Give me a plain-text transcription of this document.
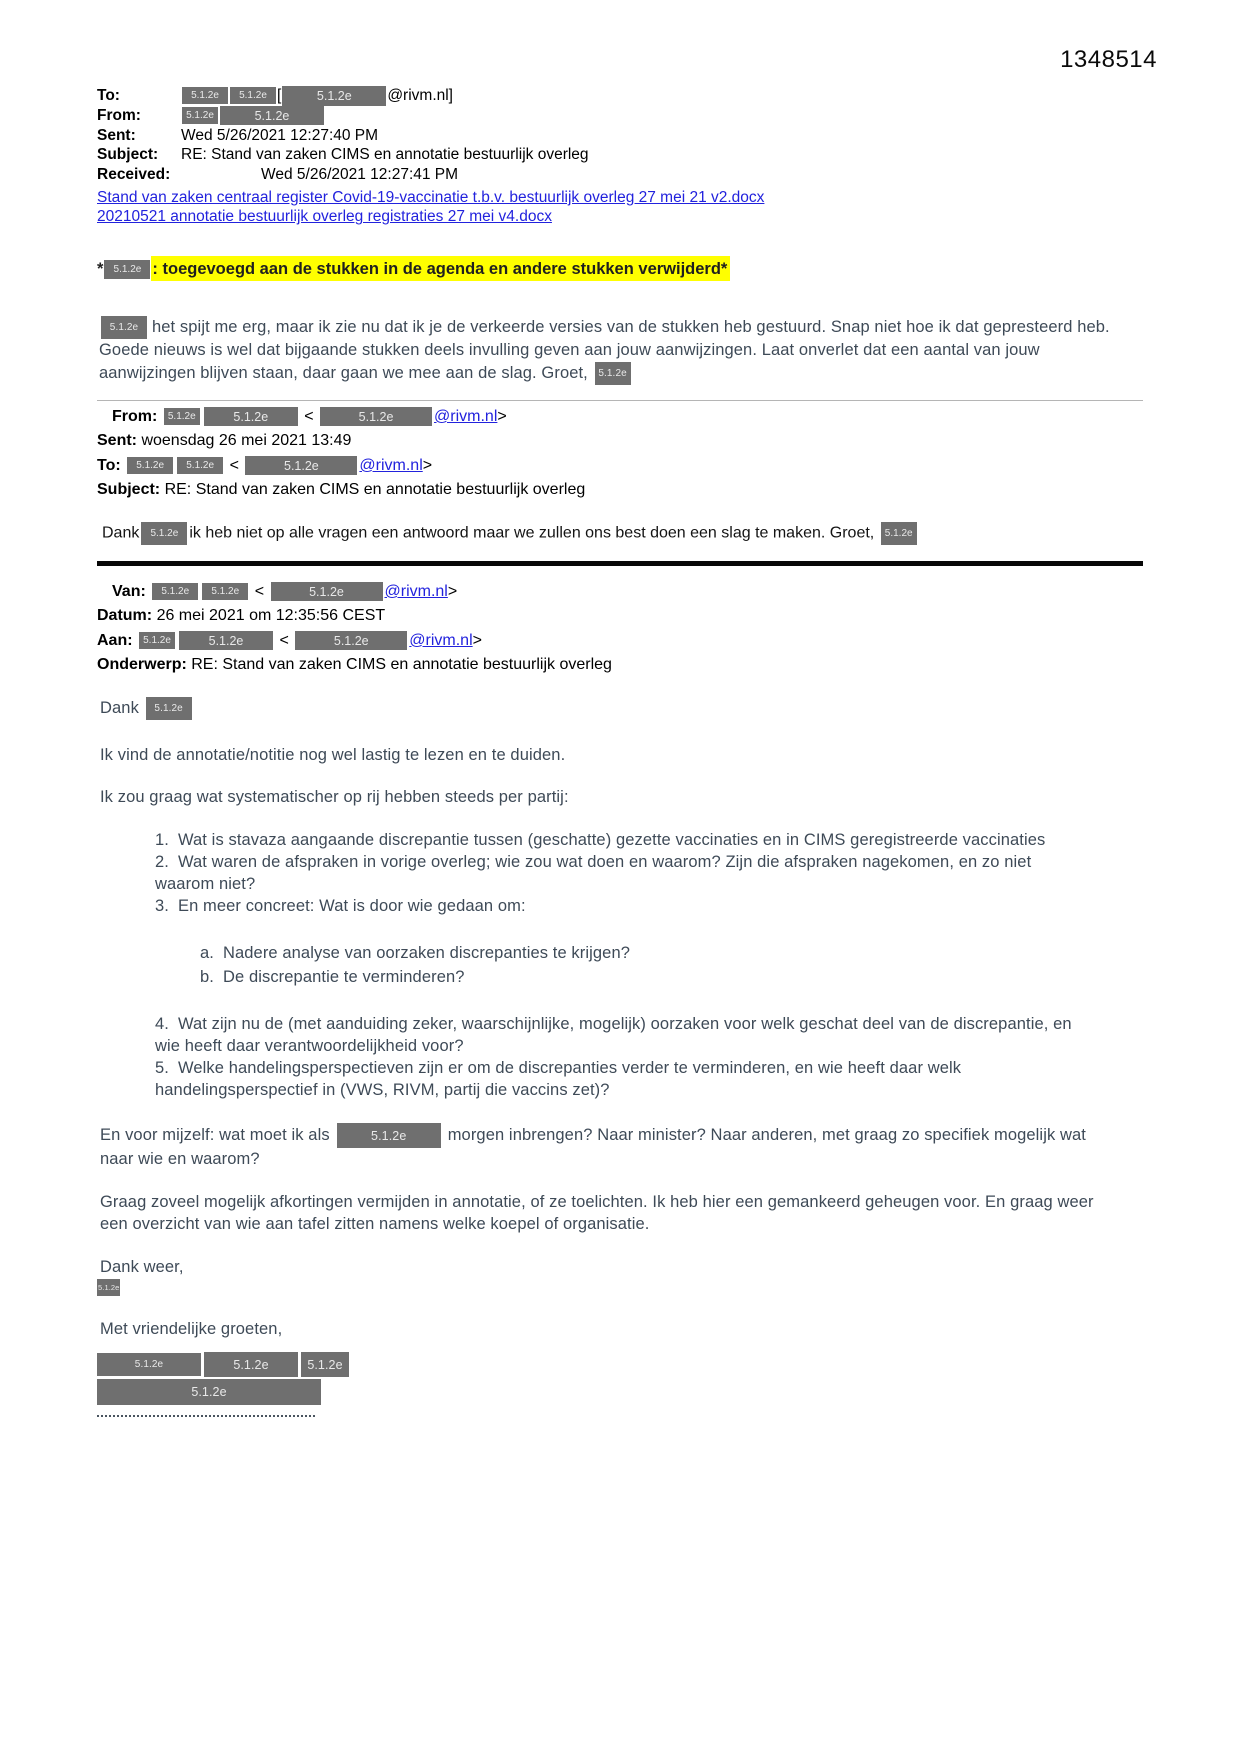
1348514
To:	5.1.2e 5.1.2e [	5.1.2e @rivm.nl]
From:	5.1.2e	5.1.2e
Sent:	Wed 5/26/2021 12:27:40 PM
Subject:	RE: Stand van zaken CIMS en annotatie bestuurlijk overleg
Received:	Wed 5/26/2021 12:27:41 PM
Stand van zaken centraal register Covid-19-vaccinatie t.b.v. bestuurlijk overleg 27 mei 21 v2.docx
20210521 annotatie bestuurlijk overleg registraties 27 mei v4.docx
* 5.1.2e : toegevoegd aan de stukken in de agenda en andere stukken verwijderd*
5.1.2e het spijt me erg, maar ik zie nu dat ik je de verkeerde versies van de stukken heb gestuurd. Snap niet hoe ik dat gepresteerd heb. Goede nieuws is wel dat bijgaande stukken deels invulling geven aan jouw aanwijzingen. Laat onverlet dat een aantal van jouw aanwijzingen blijven staan, daar gaan we mee aan de slag. Groet, 5.1.2e
From: 5.1.2e	5.1.2e <	5.1.2e	@rivm.nl>
Sent: woensdag 26 mei 2021 13:49
To: 5.1.2e 5.1.2e <	5.1.2e	@rivm.nl>
Subject: RE: Stand van zaken CIMS en annotatie bestuurlijk overleg
Dank 5.1.2e ik heb niet op alle vragen een antwoord maar we zullen ons best doen een slag te maken. Groet, 5.1.2e
Van: 5.1.2e 5.1.2e <	5.1.2e	@rivm.nl>
Datum: 26 mei 2021 om 12:35:56 CEST
Aan: 5.1.2e	5.1.2e <	5.1.2e	@rivm.nl>
Onderwerp: RE: Stand van zaken CIMS en annotatie bestuurlijk overleg
Dank 5.1.2e
Ik vind de annotatie/notitie nog wel lastig te lezen en te duiden.
Ik zou graag wat systematischer op rij hebben steeds per partij:
1. Wat is stavaza aangaande discrepantie tussen (geschatte) gezette vaccinaties en in CIMS geregistreerde vaccinaties
2. Wat waren de afspraken in vorige overleg; wie zou wat doen en waarom? Zijn die afspraken nagekomen, en zo niet waarom niet?
3. En meer concreet: Wat is door wie gedaan om:
a. Nadere analyse van oorzaken discrepanties te krijgen?
b. De discrepantie te verminderen?
4. Wat zijn nu de (met aanduiding zeker, waarschijnlijke, mogelijk) oorzaken voor welk geschat deel van de discrepantie, en wie heeft daar verantwoordelijkheid voor?
5. Welke handelingsperspectieven zijn er om de discrepanties verder te verminderen, en wie heeft daar welk handelingsperspectief in (VWS, RIVM, partij die vaccins zet)?
En voor mijzelf: wat moet ik als	5.1.2e	morgen inbrengen? Naar minister? Naar anderen, met graag zo specifiek mogelijk wat naar wie en waarom?
Graag zoveel mogelijk afkortingen vermijden in annotatie, of ze toelichten. Ik heb hier een gemankeerd geheugen voor. En graag weer een overzicht van wie aan tafel zitten namens welke koepel of organisatie.
Dank weer,
5.1.2e
Met vriendelijke groeten,
5.1.2e	5.1.2e	5.1.2e
5.1.2e
